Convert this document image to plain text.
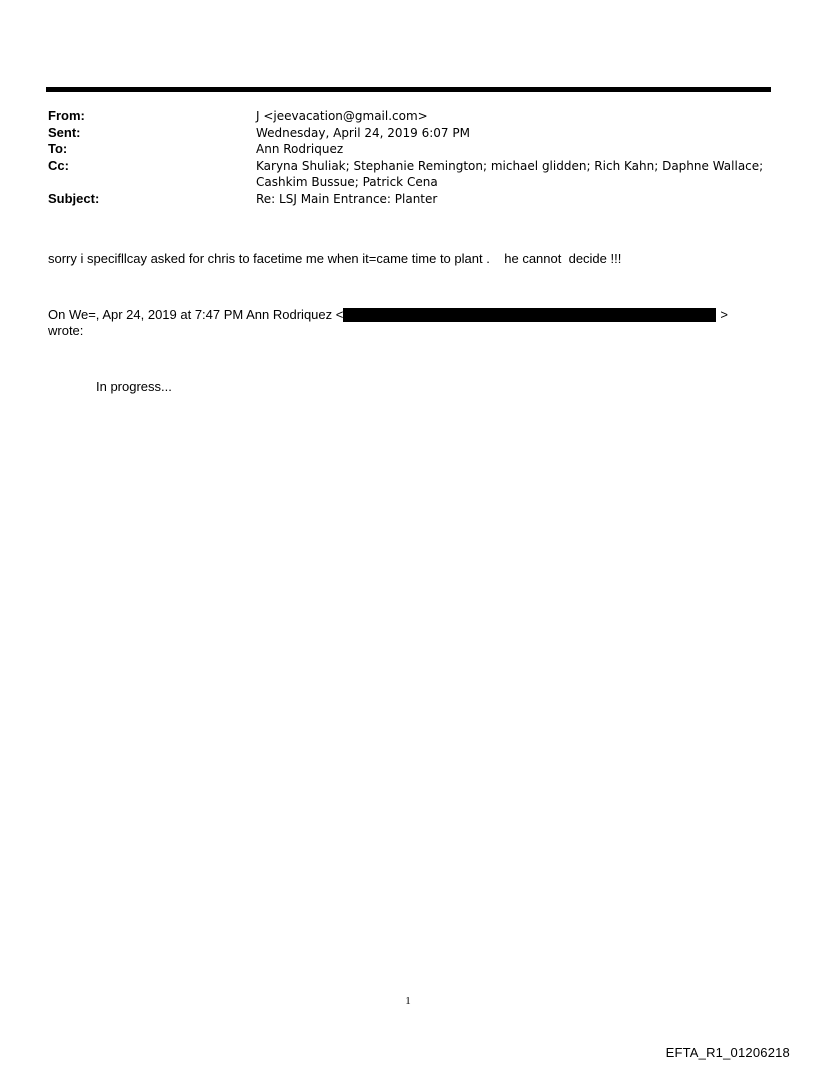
From:	J <jeevacation@gmail.com>
Sent:	Wednesday, April 24, 2019 6:07 PM
To:	Ann Rodriquez
Cc:	Karyna Shuliak; Stephanie Remington; michael glidden; Rich Kahn; Daphne Wallace;
Cashkim Bussue; Patrick Cena
Subject:	Re: LSJ Main Entrance: Planter
sorry i specifllcay asked for chris to facetime me when it=came time to plant .    he cannot  decide !!!
On We=, Apr 24, 2019 at 7:47 PM Ann Rodriquez <	>
wrote:
In progress...
1
EFTA_R1_01206218
